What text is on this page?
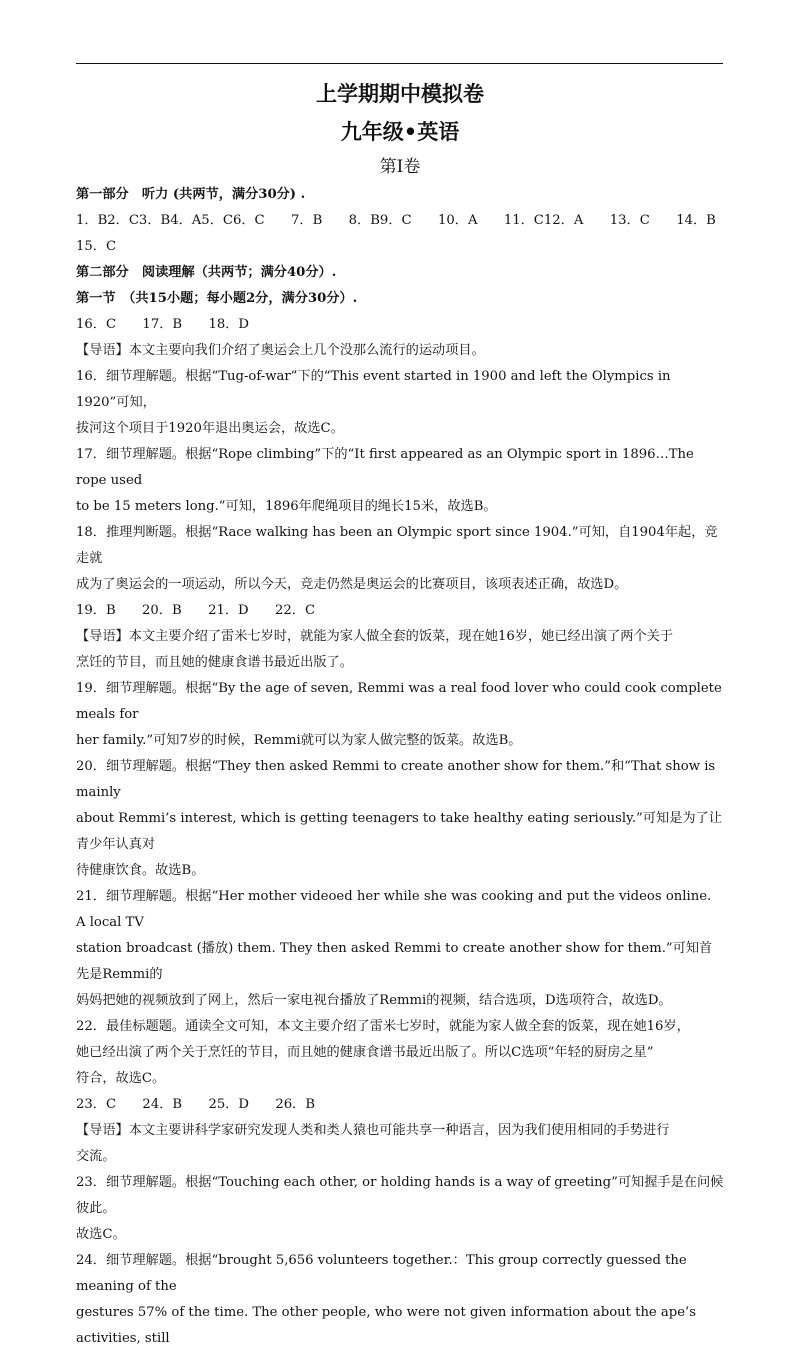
上学期期中模拟卷
九年级•英语
第I卷

第一部分　听力 (共两节，满分30分) .

1．B2．C3．B4．A5．C6．C　　7．B　　8．B9．C　　10．A　　11．C12．A　　13．C　　14．B

15．C

第二部分　阅读理解（共两节；满分40分）.

第一节　（共15小题；每小题2分，满分30分）.

16．C　　17．B　　18．D

【导语】本文主要向我们介绍了奥运会上几个没那么流行的运动项目。

16．细节理解题。根据“Tug-of-war”下的“This event started in 1900 and left the Olympics in 1920”可知，

拔河这个项目于1920年退出奥运会，故选C。

17．细节理解题。根据“Rope climbing”下的“It first appeared as an Olympic sport in 1896…The rope used

to be 15 meters long.”可知，1896年爬绳项目的绳长15米，故选B。

18．推理判断题。根据“Race walking has been an Olympic sport since 1904.”可知，自1904年起，竞走就

成为了奥运会的一项运动，所以今天，竞走仍然是奥运会的比赛项目，该项表述正确，故选D。

19．B　　20．B　　21．D　　22．C

【导语】本文主要介绍了雷米七岁时，就能为家人做全套的饭菜，现在她16岁，她已经出演了两个关于

烹饪的节目，而且她的健康食谱书最近出版了。

19．细节理解题。根据“By the age of seven, Remmi was a real food lover who could cook complete meals for

her family.”可知7岁的时候，Remmi就可以为家人做完整的饭菜。故选B。

20．细节理解题。根据“They then asked Remmi to create another show for them.”和“That show is mainly

about Remmi’s interest, which is getting teenagers to take healthy eating seriously.”可知是为了让青少年认真对

待健康饮食。故选B。

21．细节理解题。根据“Her mother videoed her while she was cooking and put the videos online. A local TV

station broadcast (播放) them. They then asked Remmi to create another show for them.”可知首先是Remmi的

妈妈把她的视频放到了网上，然后一家电视台播放了Remmi的视频，结合选项，D选项符合，故选D。

22．最佳标题题。通读全文可知，本文主要介绍了雷米七岁时，就能为家人做全套的饭菜，现在她16岁，

她已经出演了两个关于烹饪的节目，而且她的健康食谱书最近出版了。所以C选项“年轻的厨房之星”

符合，故选C。

23．C　　24．B　　25．D　　26．B

【导语】本文主要讲科学家研究发现人类和类人猿也可能共享一种语言，因为我们使用相同的手势进行

交流。

23．细节理解题。根据“Touching each other, or holding hands is a way of greeting”可知握手是在问候彼此。

故选C。

24．细节理解题。根据“brought 5,656 volunteers together.：This group correctly guessed the meaning of the

gestures 57% of the time. The other people, who were not given information about the ape’s activities, still
